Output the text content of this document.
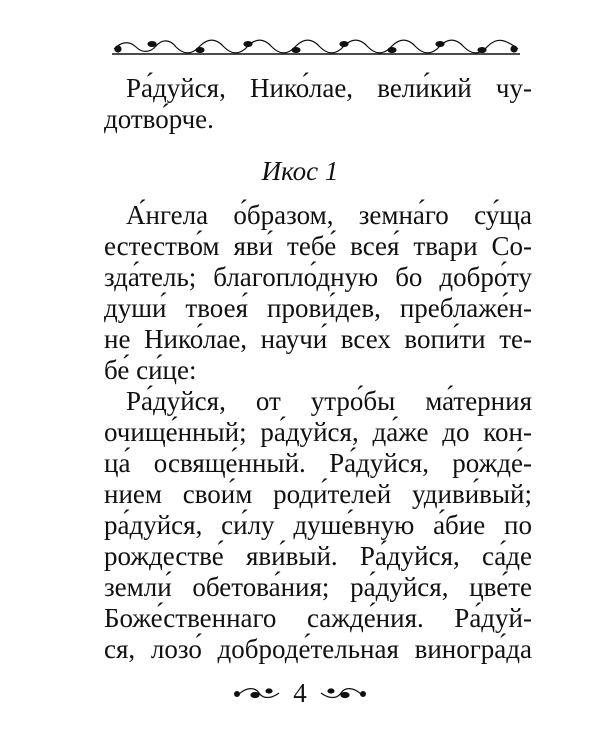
Ра́дуйся, Нико́лае, вели́кий чу-
дотво́рче.
Икос 1
А́нгела о́бразом, земна́го су́ща
естество́м яви́ тебе́ всея́ твари Со-
зда́тель; благопло́дную бо добро́ту
души́ твоея́ прови́дев, преблаже́н-
не Нико́лае, научи́ всех вопи́ти те-
бе́ си́це:
Ра́дуйся, от утро́бы ма́терния
очище́нный; ра́дуйся, да́же до кон-
ца́ освяще́нный. Ра́дуйся, рожде́-
нием свои́м роди́телей удиви́вый;
ра́дуйся, си́лу душе́вную а́бие по
рождестве́ яви́вый. Ра́дуйся, са́де
земли́ обетова́ния; ра́дуйся, цве́те
Боже́ственнаго сажде́ния. Ра́дуй-
ся, лозо́ доброде́тельная виногра́да
4
